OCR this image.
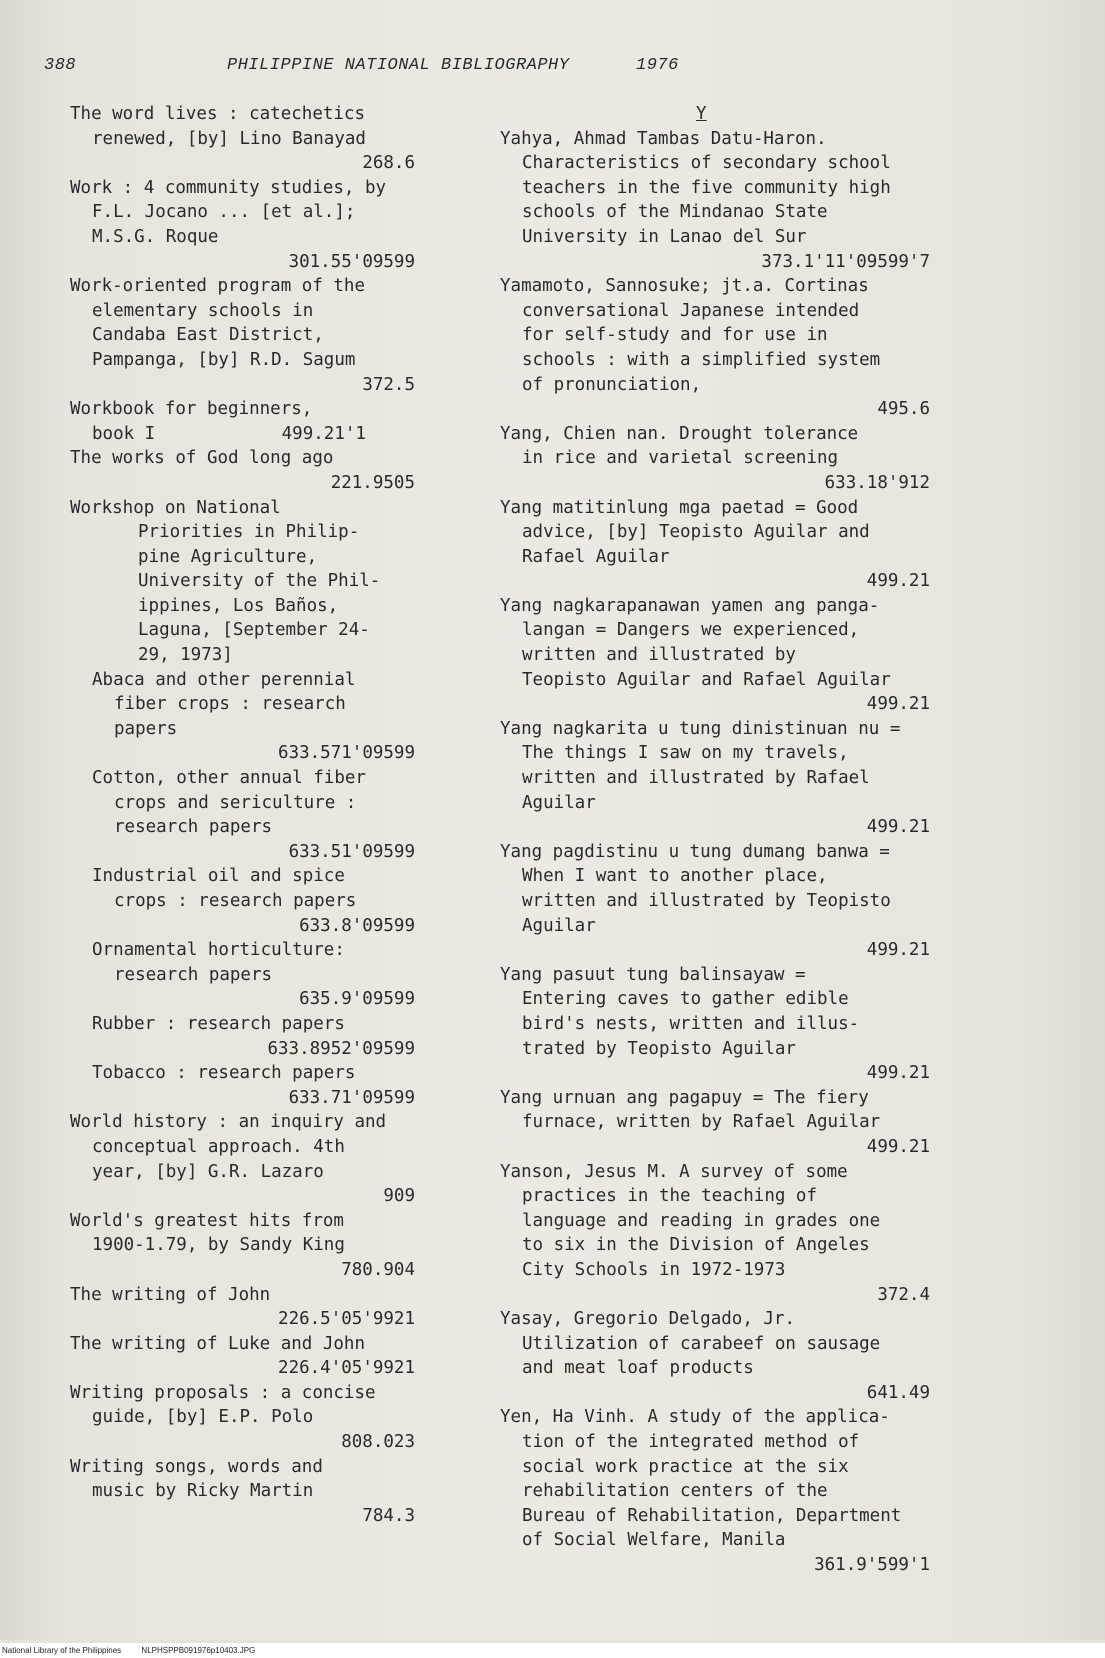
388	PHILIPPINE NATIONAL BIBLIOGRAPHY	1976
The word lives : catechetics
renewed, [by] Lino Banayad
268.6
Work : 4 community studies, by
F.L. Jocano ... [et al.];
M.S.G. Roque
301.55'09599
Work-oriented program of the
elementary schools in
Candaba East District,
Pampanga, [by] R.D. Sagum
372.5
Workbook for beginners,
book I            499.21'1
The works of God long ago
221.9505
Workshop on National
Priorities in Philip-
pine Agriculture,
University of the Phil-
ippines, Los Baños,
Laguna, [September 24-
29, 1973]
Abaca and other perennial
fiber crops : research
papers
633.571'09599
Cotton, other annual fiber
crops and sericulture :
research papers
633.51'09599
Industrial oil and spice
crops : research papers
633.8'09599
Ornamental horticulture:
research papers
635.9'09599
Rubber : research papers
633.8952'09599
Tobacco : research papers
633.71'09599
World history : an inquiry and
conceptual approach. 4th
year, [by] G.R. Lazaro
909
World's greatest hits from
1900-1.79, by Sandy King
780.904
The writing of John
226.5'05'9921
The writing of Luke and John
226.4'05'9921
Writing proposals : a concise
guide, [by] E.P. Polo
808.023
Writing songs, words and
music by Ricky Martin
784.3
Y
Yahya, Ahmad Tambas Datu-Haron.
Characteristics of secondary school
teachers in the five community high
schools of the Mindanao State
University in Lanao del Sur
373.1'11'09599'7
Yamamoto, Sannosuke; jt.a. Cortinas
conversational Japanese intended
for self-study and for use in
schools : with a simplified system
of pronunciation,
495.6
Yang, Chien nan. Drought tolerance
in rice and varietal screening
633.18'912
Yang matitinlung mga paetad = Good
advice, [by] Teopisto Aguilar and
Rafael Aguilar
499.21
Yang nagkarapanawan yamen ang panga-
langan = Dangers we experienced,
written and illustrated by
Teopisto Aguilar and Rafael Aguilar
499.21
Yang nagkarita u tung dinistinuan nu =
The things I saw on my travels,
written and illustrated by Rafael
Aguilar
499.21
Yang pagdistinu u tung dumang banwa =
When I want to another place,
written and illustrated by Teopisto
Aguilar
499.21
Yang pasuut tung balinsayaw =
Entering caves to gather edible
bird's nests, written and illus-
trated by Teopisto Aguilar
499.21
Yang urnuan ang pagapuy = The fiery
furnace, written by Rafael Aguilar
499.21
Yanson, Jesus M. A survey of some
practices in the teaching of
language and reading in grades one
to six in the Division of Angeles
City Schools in 1972-1973
372.4
Yasay, Gregorio Delgado, Jr.
Utilization of carabeef on sausage
and meat loaf products
641.49
Yen, Ha Vinh. A study of the applica-
tion of the integrated method of
social work practice at the six
rehabilitation centers of the
Bureau of Rehabilitation, Department
of Social Welfare, Manila
361.9'599'1
National Library of the Philippines	NLPHSPPB091976p10403.JPG
